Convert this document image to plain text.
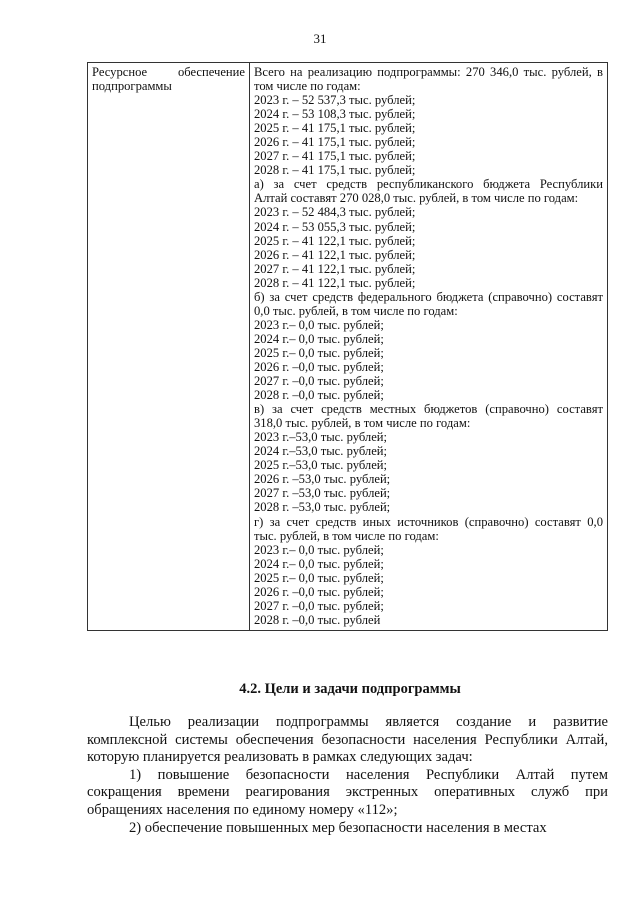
31
Ресурсное обеспечение подпрограммы

Всего на реализацию подпрограммы: 270 346,0 тыс. рублей, в
том числе по годам:
2023 г. – 52 537,3 тыс. рублей;
2024 г. – 53 108,3 тыс. рублей;
2025 г. – 41 175,1 тыс. рублей;
2026 г. – 41 175,1 тыс. рублей;
2027 г. – 41 175,1 тыс. рублей;
2028 г. – 41 175,1 тыс. рублей;
а) за счет средств республиканского бюджета Республики
Алтай составят 270 028,0 тыс. рублей, в том числе по годам:
2023 г. – 52 484,3 тыс. рублей;
2024 г. – 53 055,3 тыс. рублей;
2025 г. – 41 122,1 тыс. рублей;
2026 г. – 41 122,1 тыс. рублей;
2027 г. – 41 122,1 тыс. рублей;
2028 г. – 41 122,1 тыс. рублей;
б) за счет средств федерального бюджета (справочно) составят
0,0 тыс. рублей, в том числе по годам:
2023 г.– 0,0 тыс. рублей;
2024 г.– 0,0 тыс. рублей;
2025 г.– 0,0 тыс. рублей;
2026 г. –0,0 тыс. рублей;
2027 г. –0,0 тыс. рублей;
2028 г. –0,0 тыс. рублей;
в) за счет средств местных бюджетов (справочно) составят
318,0 тыс. рублей, в том числе по годам:
2023 г.–53,0 тыс. рублей;
2024 г.–53,0 тыс. рублей;
2025 г.–53,0 тыс. рублей;
2026 г. –53,0 тыс. рублей;
2027 г. –53,0 тыс. рублей;
2028 г. –53,0 тыс. рублей;
г) за счет средств иных источников (справочно) составят 0,0
тыс. рублей, в том числе по годам:
2023 г.– 0,0 тыс. рублей;
2024 г.– 0,0 тыс. рублей;
2025 г.– 0,0 тыс. рублей;
2026 г. –0,0 тыс. рублей;
2027 г. –0,0 тыс. рублей;
2028 г. –0,0 тыс. рублей
4.2. Цели и задачи подпрограммы

Целью реализации подпрограммы является создание и развитие комплексной системы обеспечения безопасности населения Республики Алтай, которую планируется реализовать в рамках следующих задач:

1) повышение безопасности населения Республики Алтай путем сокращения времени реагирования экстренных оперативных служб при обращениях населения по единому номеру «112»;

2) обеспечение повышенных мер безопасности населения в местах
